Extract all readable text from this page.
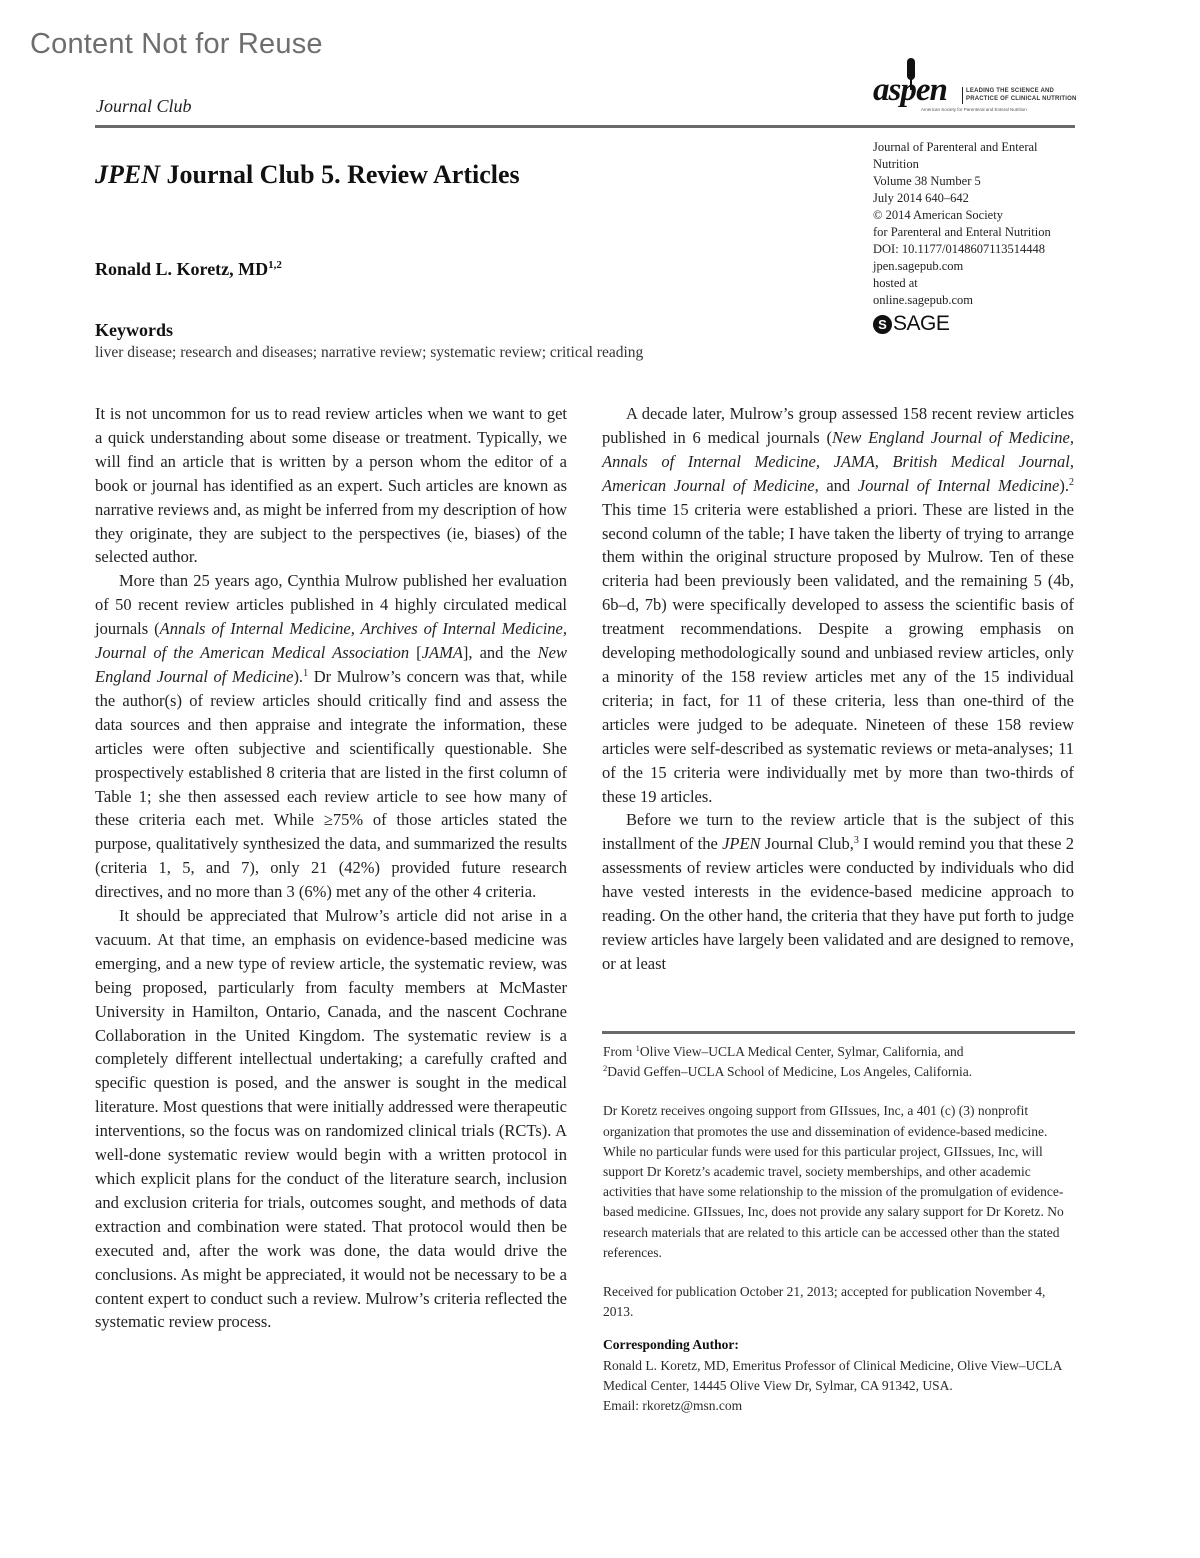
Content Not for Reuse
Journal Club	aspen	LEADING THE SCIENCE AND
PRACTICE OF CLINICAL NUTRITION
American Society for Parenteral and Enteral Nutrition
Journal of Parenteral and Enteral
Nutrition
Volume 38 Number 5
July 2014 640–642
© 2014 American Society
for Parenteral and Enteral Nutrition
DOI: 10.1177/0148607113514448
jpen.sagepub.com
hosted at
online.sagepub.com
S SAGE
JPEN Journal Club 5. Review Articles
Ronald L. Koretz, MD$^{1,2}$
Keywords
liver disease; research and diseases; narrative review; systematic review; critical reading

It is not uncommon for us to read review articles when we want to get a quick understanding about some disease or treatment. Typically, we will find an article that is written by a person whom the editor of a book or journal has identified as an expert. Such articles are known as narrative reviews and, as might be inferred from my description of how they originate, they are subject to the perspectives (ie, biases) of the selected author.

More than 25 years ago, Cynthia Mulrow published her evaluation of 50 recent review articles published in 4 highly circulated medical journals (Annals of Internal Medicine, Archives of Internal Medicine, Journal of the American Medical Association [JAMA], and the New England Journal of Medicine).$^1$ Dr Mulrow’s concern was that, while the author(s) of review articles should critically find and assess the data sources and then appraise and integrate the information, these articles were often subjective and scientifically questionable. She prospectively established 8 criteria that are listed in the first column of Table 1; she then assessed each review article to see how many of these criteria each met. While ≥75% of those articles stated the purpose, qualitatively synthesized the data, and summarized the results (criteria 1, 5, and 7), only 21 (42%) provided future research directives, and no more than 3 (6%) met any of the other 4 criteria.

It should be appreciated that Mulrow’s article did not arise in a vacuum. At that time, an emphasis on evidence-based medicine was emerging, and a new type of review article, the systematic review, was being proposed, particularly from faculty members at McMaster University in Hamilton, Ontario, Canada, and the nascent Cochrane Collaboration in the United Kingdom. The systematic review is a completely different intellectual undertaking; a carefully crafted and specific question is posed, and the answer is sought in the medical literature. Most questions that were initially addressed were therapeutic interventions, so the focus was on randomized clinical trials (RCTs). A well-done systematic review would begin with a written protocol in which explicit plans for the conduct of the literature search, inclusion and exclusion criteria for trials, outcomes sought, and methods of data extraction and combination were stated. That protocol would then be executed and, after the work was done, the data would drive the conclusions. As might be appreciated, it would not be necessary to be a content expert to conduct such a review. Mulrow’s criteria reflected the systematic review process.

A decade later, Mulrow’s group assessed 158 recent review articles published in 6 medical journals (New England Journal of Medicine, Annals of Internal Medicine, JAMA, British Medical Journal, American Journal of Medicine, and Journal of Internal Medicine).$^2$ This time 15 criteria were established a priori. These are listed in the second column of the table; I have taken the liberty of trying to arrange them within the original structure proposed by Mulrow. Ten of these criteria had been previously been validated, and the remaining 5 (4b, 6b–d, 7b) were specifically developed to assess the scientific basis of treatment recommendations. Despite a growing emphasis on developing methodologically sound and unbiased review articles, only a minority of the 158 review articles met any of the 15 individual criteria; in fact, for 11 of these criteria, less than one-third of the articles were judged to be adequate. Nineteen of these 158 review articles were self-described as systematic reviews or meta-analyses; 11 of the 15 criteria were individually met by more than two-thirds of these 19 articles.

Before we turn to the review article that is the subject of this installment of the JPEN Journal Club,$^3$ I would remind you that these 2 assessments of review articles were conducted by individuals who did have vested interests in the evidence-based medicine approach to reading. On the other hand, the criteria that they have put forth to judge review articles have largely been validated and are designed to remove, or at least

From $^1$Olive View–UCLA Medical Center, Sylmar, California, and
$^2$David Geffen–UCLA School of Medicine, Los Angeles, California.

Dr Koretz receives ongoing support from GIIssues, Inc, a 401 (c) (3) nonprofit organization that promotes the use and dissemination of evidence-based medicine. While no particular funds were used for this particular project, GIIssues, Inc, will support Dr Koretz’s academic travel, society memberships, and other academic activities that have some relationship to the mission of the promulgation of evidence-based medicine. GIIssues, Inc, does not provide any salary support for Dr Koretz. No research materials that are related to this article can be accessed other than the stated references.

Received for publication October 21, 2013; accepted for publication November 4, 2013.

Corresponding Author:

Ronald L. Koretz, MD, Emeritus Professor of Clinical Medicine, Olive View–UCLA Medical Center, 14445 Olive View Dr, Sylmar, CA 91342, USA.

Email: rkoretz@msn.com
